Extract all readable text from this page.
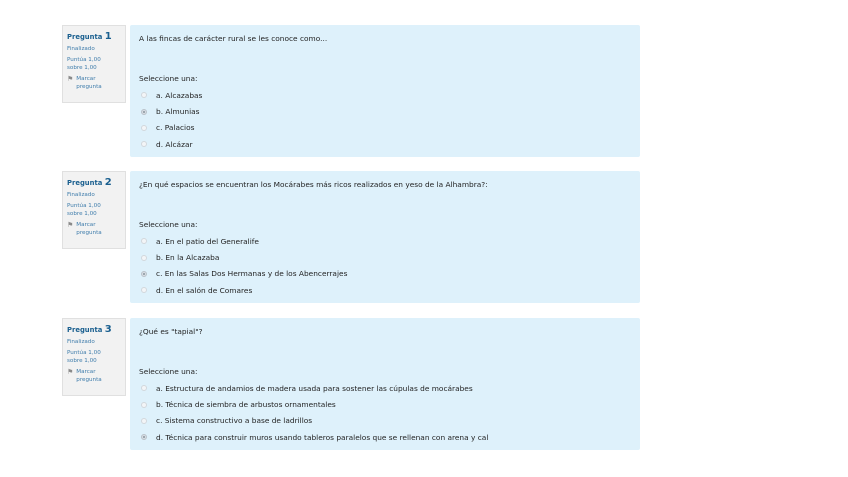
Pregunta 1
Finalizado
Puntúa 1,00
sobre 1,00
⚑ Marcar
pregunta
A las fincas de carácter rural se les conoce como...
Seleccione una:
a. Alcazabas
b. Almunias
c. Palacios
d. Alcázar
Pregunta 2
Finalizado
Puntúa 1,00
sobre 1,00
⚑ Marcar
pregunta
¿En qué espacios se encuentran los Mocárabes más ricos realizados en yeso de la Alhambra?:
Seleccione una:
a. En el patio del Generalife
b. En la Alcazaba
c. En las Salas Dos Hermanas y de los Abencerrajes
d. En el salón de Comares
Pregunta 3
Finalizado
Puntúa 1,00
sobre 1,00
⚑ Marcar
pregunta
¿Qué es "tapial"?
Seleccione una:
a. Estructura de andamios de madera usada para sostener las cúpulas de mocárabes
b. Técnica de siembra de arbustos ornamentales
c. Sistema constructivo a base de ladrillos
d. Técnica para construir muros usando tableros paralelos que se rellenan con arena y cal
